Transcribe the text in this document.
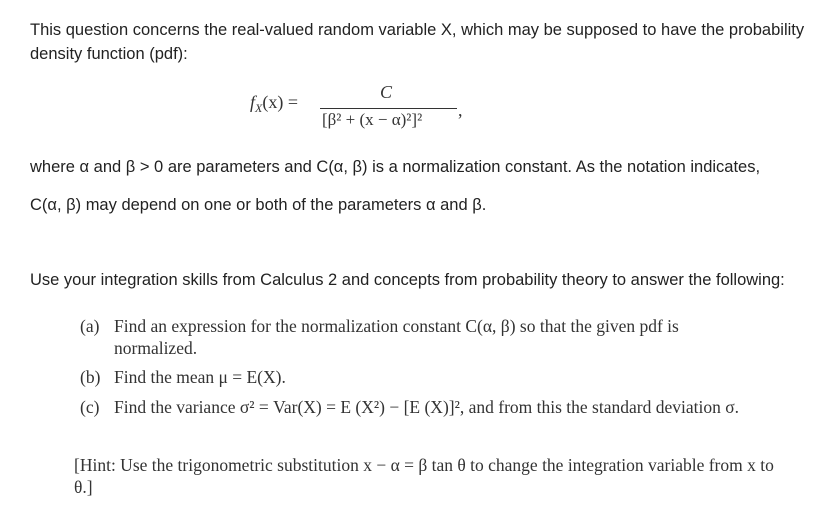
This question concerns the real-valued random variable X, which may be supposed to have the probability density function (pdf):
$f_X(x)$ =	C
[β² + (x − α)²]² ,
where α and β > 0 are parameters and C(α, β) is a normalization constant. As the notation indicates,
C(α, β) may depend on one or both of the parameters α and β.
Use your integration skills from Calculus 2 and concepts from probability theory to answer the following:
(a) Find an expression for the normalization constant C(α, β) so that the given pdf is normalized.
(b) Find the mean μ = E(X).
(c) Find the variance σ² = Var(X) = E (X²) − [E (X)]², and from this the standard deviation σ.
[Hint: Use the trigonometric substitution x − α = β tan θ to change the integration variable from x to θ.]
